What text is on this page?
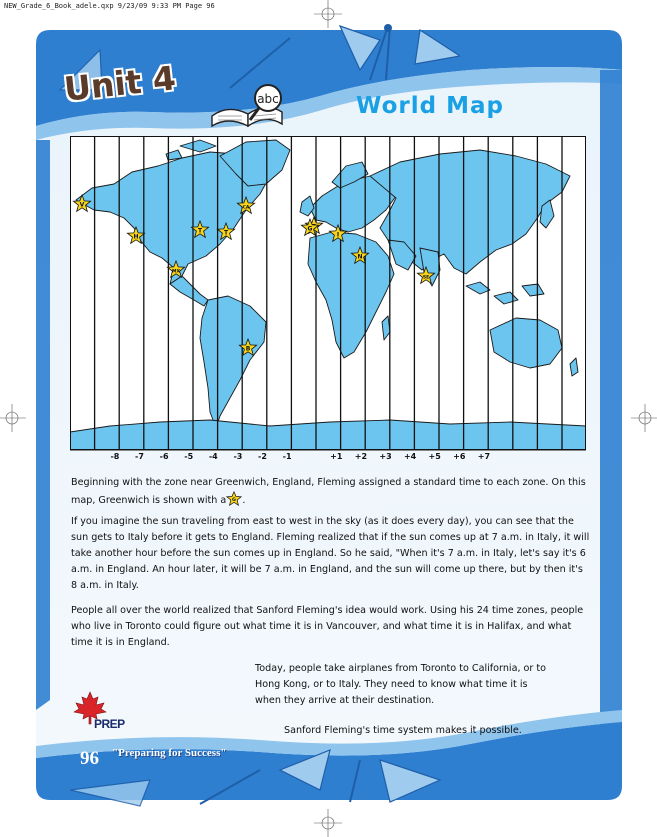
NEW_Grade_6_Book_adele.qxp 9/23/09 9:33 PM Page 96
Unit 4	abc	World Map
V
T	T
H
CA
MX
B
I
G
N
SE
-8 -7 -6 -5 -4 -3 -2 -1	+1 +2 +3 +4 +5 +6 +7

Beginning with the zone near Greenwich, England, Fleming assigned a standard time to each zone. On this map, Greenwich is shown with a G .

If you imagine the sun traveling from east to west in the sky (as it does every day), you can see that the sun gets to Italy before it gets to England. Fleming realized that if the sun comes up at 7 a.m. in Italy, it will take another hour before the sun comes up in England. So he said, "When it's 7 a.m. in Italy, let's say it's 6 a.m. in England. An hour later, it will be 7 a.m. in England, and the sun will come up there, but by then it's 8 a.m. in Italy.
People all over the world realized that Sanford Fleming's idea would work. Using his 24 time zones, people who live in Toronto could figure out what time it is in Vancouver, and what time it is in Halifax, and what time it is in England.
Today, people take airplanes from Toronto to California, or to Hong Kong, or to Italy. They need to know what time it is when they arrive at their destination.
Sanford Fleming's time system makes it possible.
PREP
96 "Preparing for Success"
